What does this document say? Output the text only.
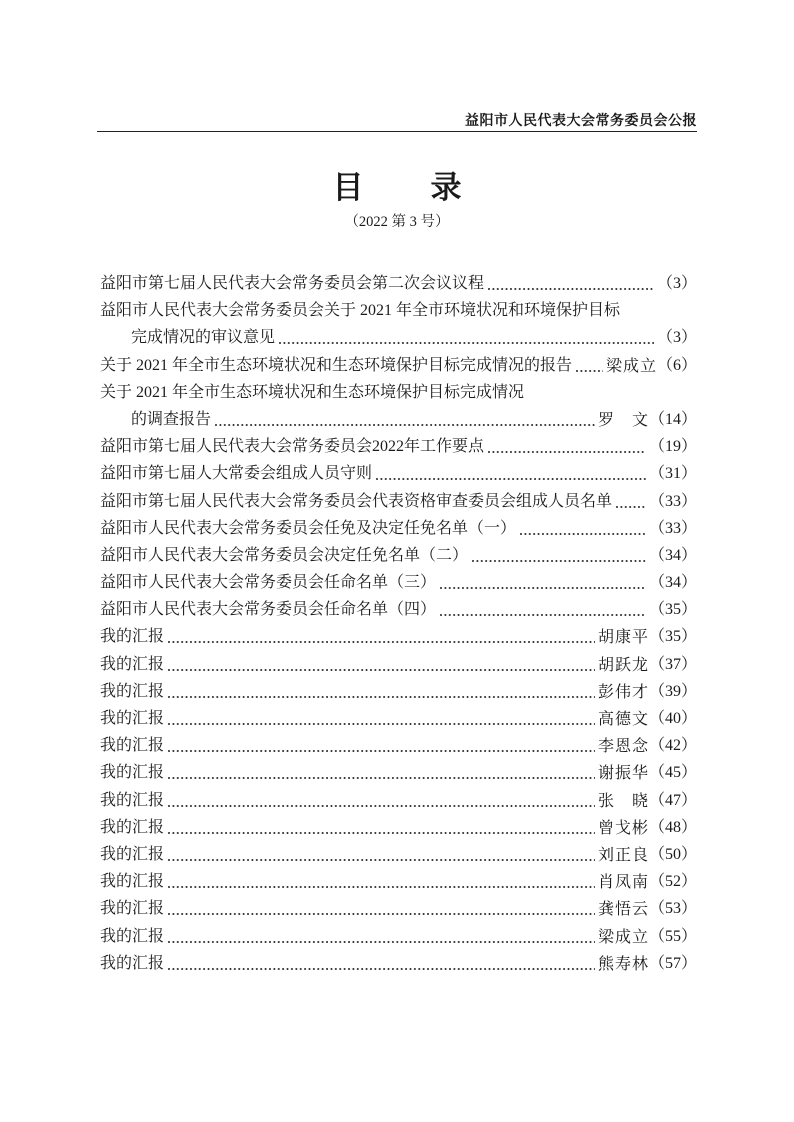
益阳市人民代表大会常务委员会公报
目　录
（2022 第 3 号）
益阳市第七届人民代表大会常务委员会第二次会议议程	（3）
益阳市人民代表大会常务委员会关于 2021 年全市环境状况和环境保护目标
完成情况的审议意见	（3）
关于 2021 年全市生态环境状况和生态环境保护目标完成情况的报告 梁成立 （6）
关于 2021 年全市生态环境状况和生态环境保护目标完成情况
的调查报告	罗　文 （14）
益阳市第七届人民代表大会常务委员会2022年工作要点	（19）
益阳市第七届人大常委会组成人员守则	（31）
益阳市第七届人民代表大会常务委员会代表资格审查委员会组成人员名单 （33）
益阳市人民代表大会常务委员会任免及决定任免名单（一）	（33）
益阳市人民代表大会常务委员会决定任免名单（二）	（34）
益阳市人民代表大会常务委员会任命名单（三）	（34）
益阳市人民代表大会常务委员会任命名单（四）	（35）
我的汇报	胡康平 （35）
我的汇报	胡跃龙 （37）
我的汇报	彭伟才 （39）
我的汇报	高德文 （40）
我的汇报	李恩念 （42）
我的汇报	谢振华 （45）
我的汇报	张　晓 （47）
我的汇报	曾戈彬 （48）
我的汇报	刘正良 （50）
我的汇报	肖凤南 （52）
我的汇报	龚悟云 （53）
我的汇报	梁成立 （55）
我的汇报	熊寿林 （57）
